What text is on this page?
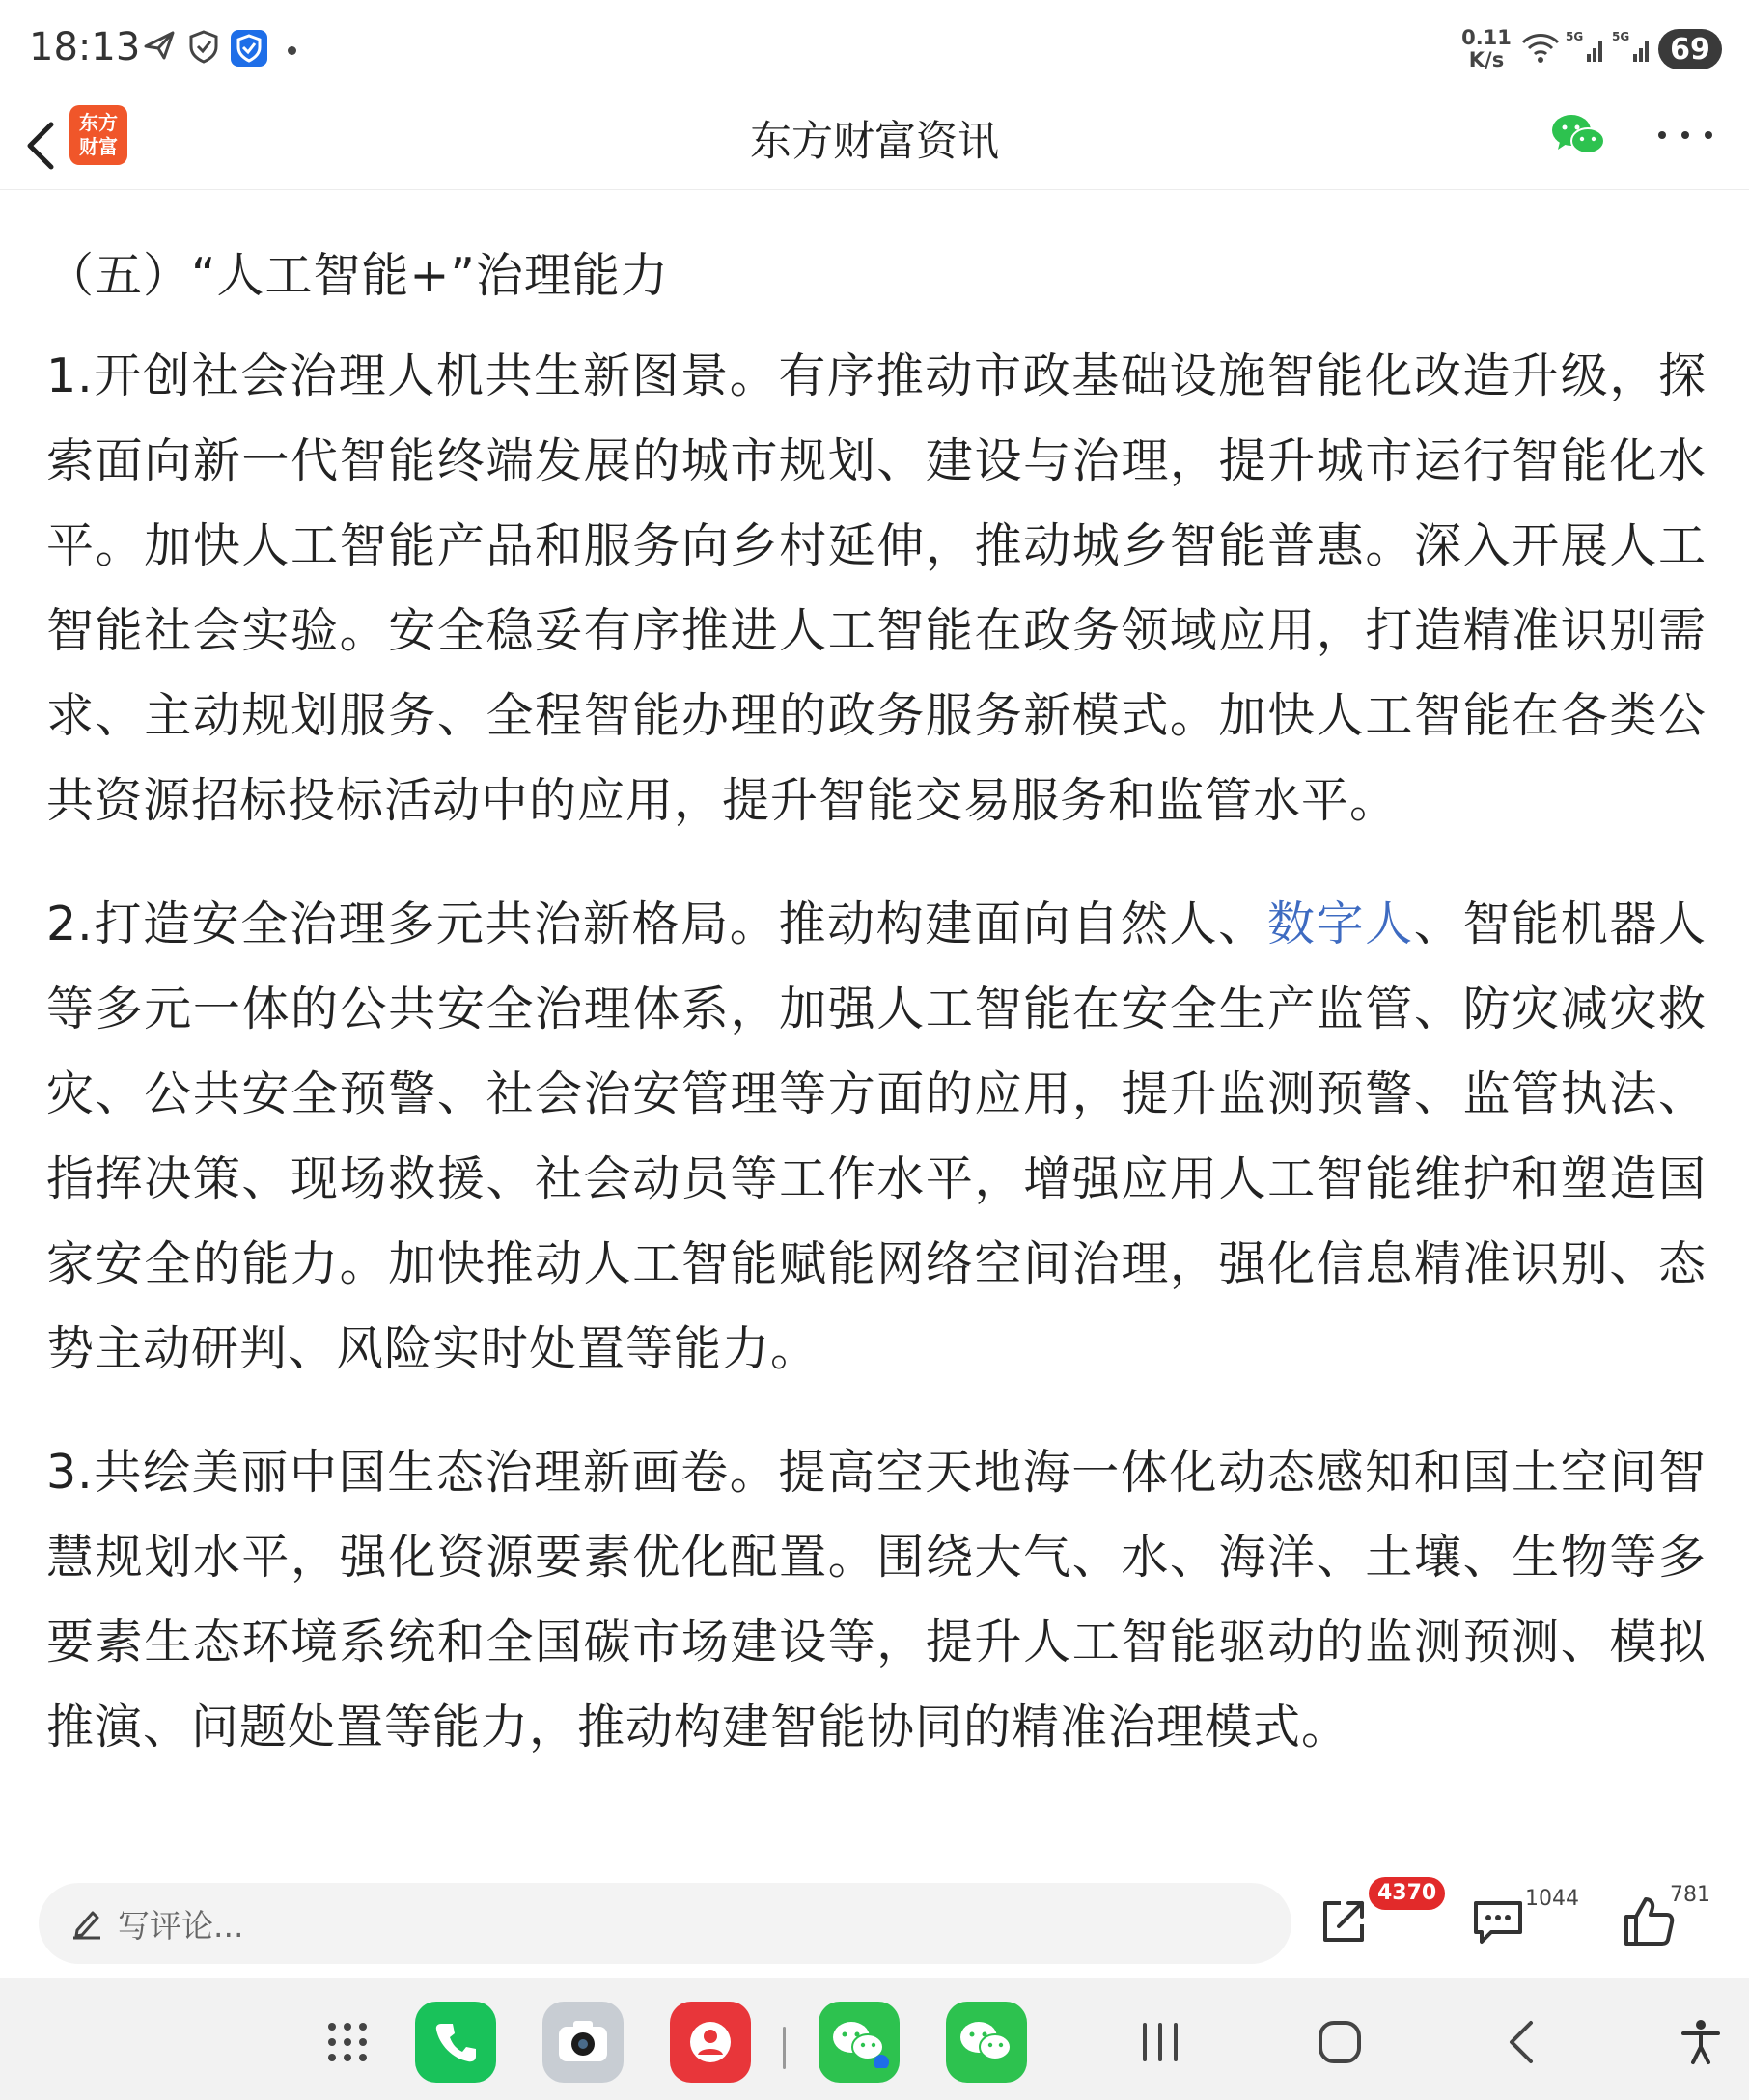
18:13	0.11
K/s
5G 5G	69
东方
财富	东方财富资讯
（五）“人工智能+”治理能力

1.开创社会治理人机共生新图景。有序推动市政基础设施智能化改造升级，探索面向新一代智能终端发展的城市规划、建设与治理，提升城市运行智能化水平。加快人工智能产品和服务向乡村延伸，推动城乡智能普惠。深入开展人工智能社会实验。安全稳妥有序推进人工智能在政务领域应用，打造精准识别需求、主动规划服务、全程智能办理的政务服务新模式。加快人工智能在各类公共资源招标投标活动中的应用，提升智能交易服务和监管水平。

2.打造安全治理多元共治新格局。推动构建面向自然人、数字人、智能机器人等多元一体的公共安全治理体系，加强人工智能在安全生产监管、防灾减灾救灾、公共安全预警、社会治安管理等方面的应用，提升监测预警、监管执法、指挥决策、现场救援、社会动员等工作水平，增强应用人工智能维护和塑造国家安全的能力。加快推动人工智能赋能网络空间治理，强化信息精准识别、态势主动研判、风险实时处置等能力。

3.共绘美丽中国生态治理新画卷。提高空天地海一体化动态感知和国土空间智慧规划水平，强化资源要素优化配置。围绕大气、水、海洋、土壤、生物等多要素生态环境系统和全国碳市场建设等，提升人工智能驱动的监测预测、模拟推演、问题处置等能力，推动构建智能协同的精准治理模式。

写评论...
4370	1044	781
